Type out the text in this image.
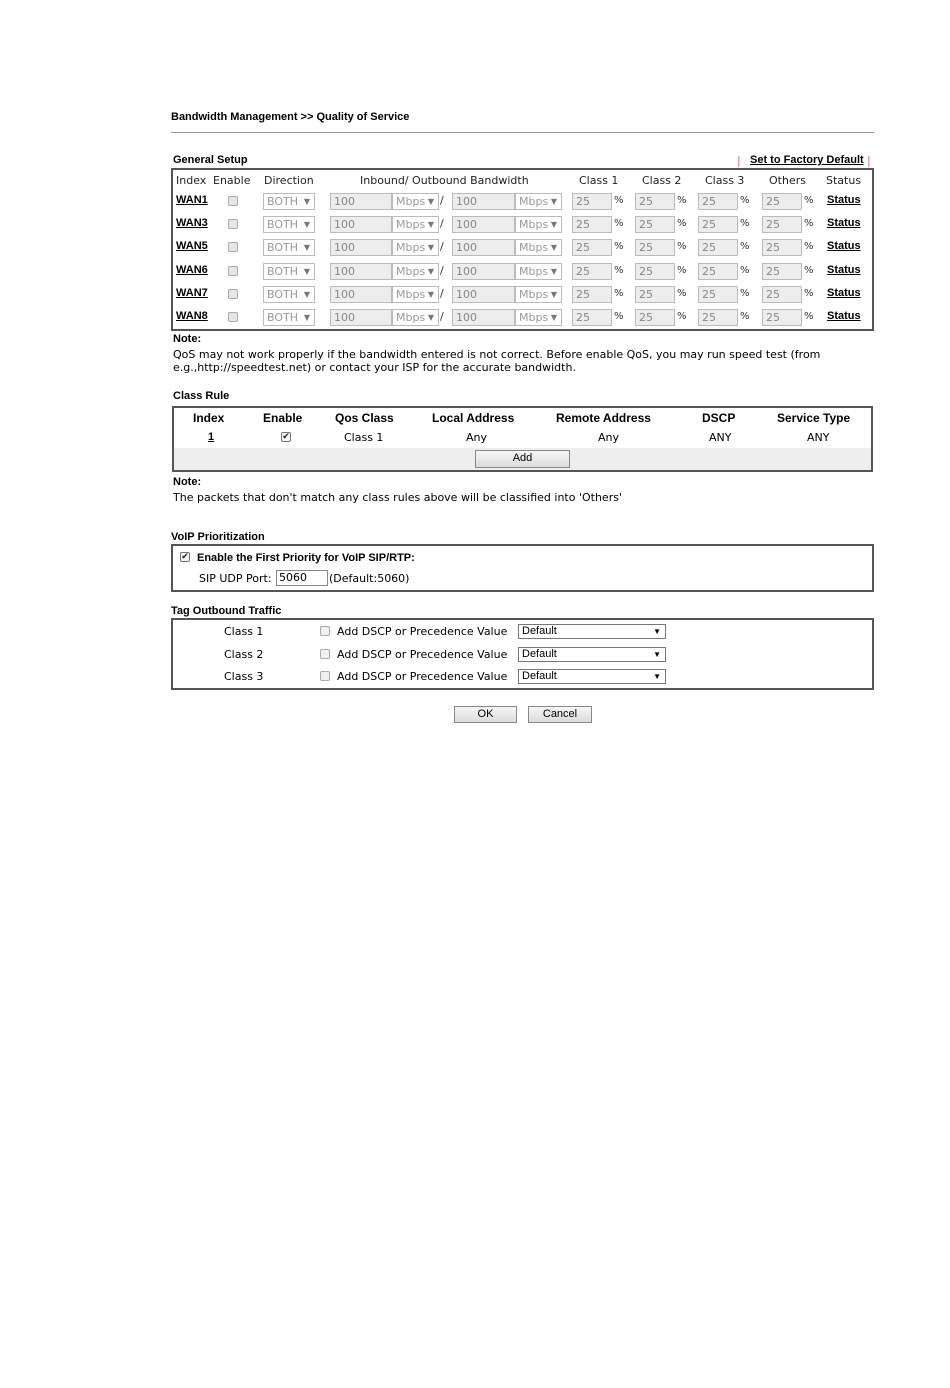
Bandwidth Management >> Quality of Service
General Setup	| Set to Factory Default |
Index Enable Direction	Inbound/ Outbound Bandwidth	Class 1 Class 2 Class 3 Others Status
WAN1	BOTH ▼	100	Mbps ▼ /	100	Mbps ▼	25	%	25	%	25	%	25	% Status
WAN3	BOTH ▼	100	Mbps ▼ /	100	Mbps ▼	25	%	25	%	25	%	25	% Status
WAN5	BOTH ▼	100	Mbps ▼ /	100	Mbps ▼	25	%	25	%	25	%	25	% Status
WAN6	BOTH ▼	100	Mbps ▼ /	100	Mbps ▼	25	%	25	%	25	%	25	% Status
WAN7	BOTH ▼	100	Mbps ▼ /	100	Mbps ▼	25	%	25	%	25	%	25	% Status
WAN8	BOTH ▼	100	Mbps ▼ /	100	Mbps ▼	25	%	25	%	25	%	25	% Status
Note:
QoS may not work properly if the bandwidth entered is not correct. Before enable QoS, you may run speed test (from
e.g.,http://speedtest.net) or contact your ISP for the accurate bandwidth.
Class Rule
Index	Enable	Qos Class	Local Address	Remote Address	DSCP	Service Type
1	✔	Class 1	Any	Any	ANY	ANY
Add
Note:
The packets that don't match any class rules above will be classified into 'Others'
VoIP Prioritization
✔ Enable the First Priority for VoIP SIP/RTP:
SIP UDP Port: 5060	(Default:5060)
Tag Outbound Traffic
Class 1	Add DSCP or Precedence Value	Default	▼
Class 2	Add DSCP or Precedence Value	Default	▼
Class 3	Add DSCP or Precedence Value	Default	▼
OK	Cancel
